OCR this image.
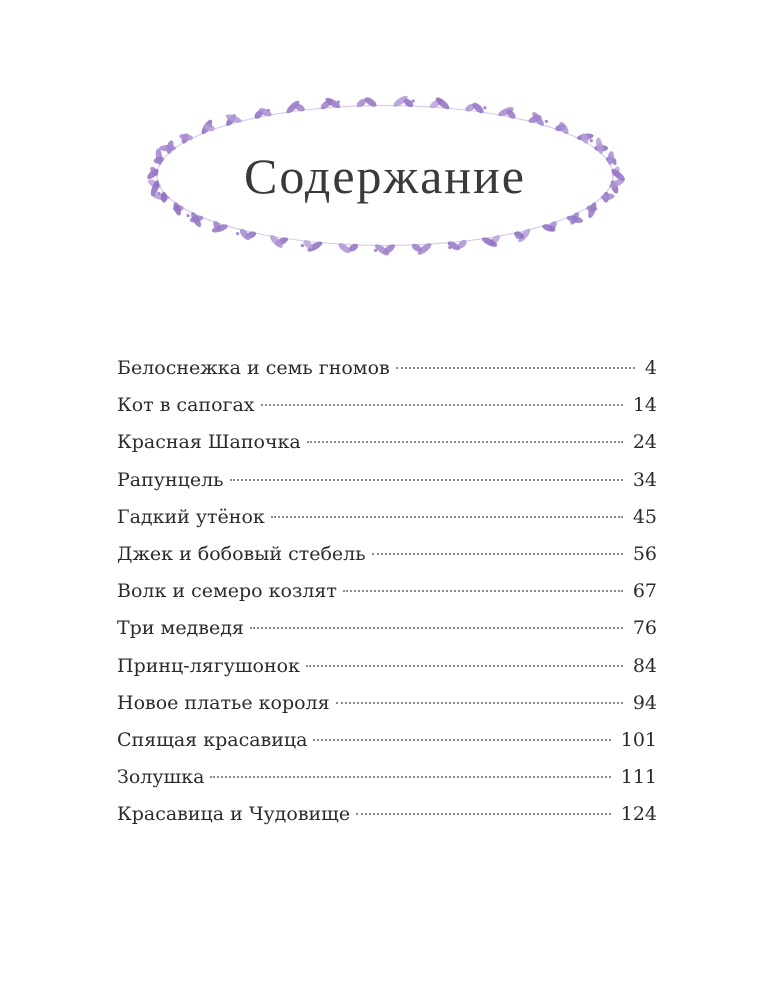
Содержание
Белоснежка и семь гномов	4
Кот в сапогах	14
Красная Шапочка	24
Рапунцель	34
Гадкий утёнок	45
Джек и бобовый стебель	56
Волк и семеро козлят	67
Три медведя	76
Принц-лягушонок	84
Новое платье короля	94
Спящая красавица	101
Золушка	111
Красавица и Чудовище	124
